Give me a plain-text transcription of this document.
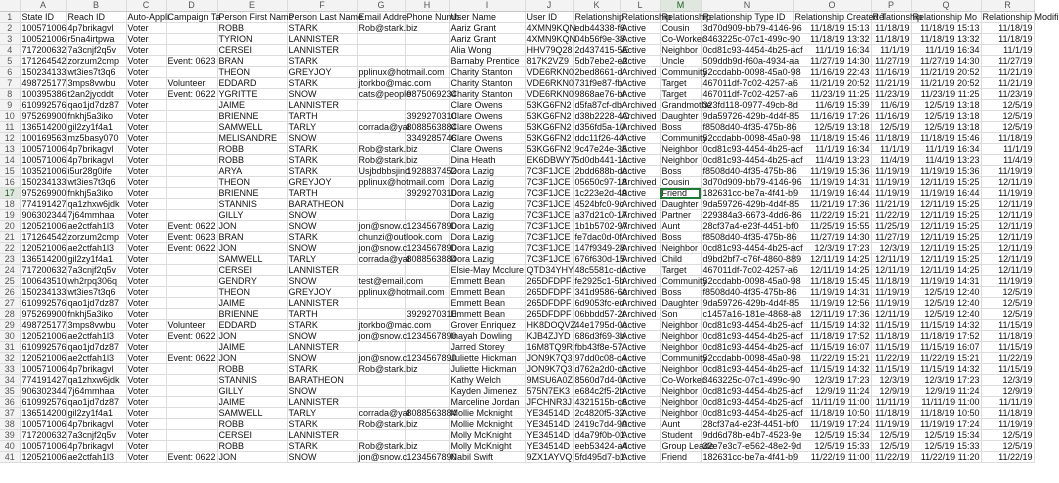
	A	B	C	D	E	F	G	H	I	J	K	L	M	N	O	P	Q	R
1	State ID	Reach ID	Auto-Appli	Campaign Ta	Person First Name	Person Last Name	Email Addre	Phone Numb	User Name	User ID	Relationship	Relationship	Relationship	Relationship Type ID	Relationship Created T	Relationship	Relationship Mo	Relationship Modifi
2	100571006	4p7brikagvl	Voter		ROBB	STARK	Rob@stark.biz		Aariz Grant	4XMN9KQN	edb44338-f6	Active	Cousin	3d70d909-bb79-4146-96	11/18/19 15:13	11/18/19	11/18/19 15:13	11/18/19
3	100521006	r5na4irtpwa	Voter		TYRION	LANNISTER			Aariz Grant	4XMN9KQN	04b56f9e-38	Active	Co-Worker	3463225c-07c1-499c-90	11/18/19 13:32	11/18/19	11/18/19 13:32	11/18/19
4	717200632	7a3cnjf2q5v	Voter		CERSEI	LANNISTER			Alia Wong	HHV79Q28	2d437415-5E	Active	Neighbor	0cd81c93-4454-4b25-acf	11/1/19 16:34	11/1/19	11/1/19 16:34	11/1/19
5	171264542	zorzum2cmp	Voter	Event: 0623	BRAN	STARK			Barnaby Prentice	817K2VZ9	5db7ebe2-e2	Active	Uncle	509ddb9d-f60a-4934-aa	11/27/19 14:30	11/27/19	11/27/19 14:30	11/27/19
6	150234133	wt3ies7t3q6	Voter		THEON	GREYJOY	pplinux@hotmail.com		Charity Stanton	VDE6RKN0	2bed8661-d	Archived	Community	52ccdabb-0098-45a0-98	11/16/19 22:43	11/16/19	11/21/19 20:52	11/21/19
7	498725177	3mps8vwbu	Voter	Volunteer	EDDARD	STARK	jtorkbo@mac.com		Charity Stanton	VDE6RKN0	731f9e87-fb	Active	Target	467011df-7c02-4257-a6	11/21/19 20:52	11/21/19	11/21/19 20:52	11/21/19
8	100395386	t2an2jycddt	Voter	Event: 0622	YGRITTE	SNOW	cats@people	9875069234	Charity Stanton	VDE6RKN0	9868ae76-bf	Active	Target	467011df-7c02-4257-a6	11/23/19 11:25	11/23/19	11/23/19 11:25	11/23/19
9	610992576	qao1jd7dz87	Voter		JAIME	LANNISTER			Clare Owens	53KG6FN2	d5fa87cf-db	Archived	Grandmothe	323fd118-0977-49cb-8d	11/6/19 15:39	11/6/19	12/5/19 13:18	12/5/19
10	975269900	fnkhj5a3iko	Voter		BRIENNE	TARTH		3929270310	Clare Owens	53KG6FN2	d38b2228-4C	Archived	Daughter	9da59726-429b-4d4f-85	11/16/19 17:26	11/16/19	12/5/19 13:18	12/5/19
11	136514200	gil2zy1f4a1	Voter		SAMWELL	TARLY	corrada@yal	8088563884	Clare Owens	53KG6FN2	d356fd5a-10	Archived	Boss	f8508d40-4f35-475b-86	12/5/19 13:18	12/5/19	12/5/19 13:18	12/5/19
12	100169563	mz5basy070	Voter		MELISANDRE	SNOW		3349285746	Clare Owens	53KG6FN2	ddc11f26-44	Active	Community	52ccdabb-0098-45a0-98	11/18/19 15:46	11/18/19	11/18/19 15:46	11/18/19
13	100571006	4p7brikagvl	Voter		ROBB	STARK	Rob@stark.biz		Clare Owens	53KG6FN2	9c47e24e-35	Active	Neighbor	0cd81c93-4454-4b25-acf	11/1/19 16:34	11/1/19	11/1/19 16:34	11/1/19
14	100571006	4p7brikagvl	Voter		ROBB	STARK	Rob@stark.biz		Dina Heath	EK6DBWY7	5d0db441-1c	Active	Neighbor	0cd81c93-4454-4b25-acf	11/4/19 13:23	11/4/19	11/4/19 13:23	11/4/19
15	103521006	i5ur28g0ife	Voter		ARYA	STARK	Usjbdbbsjind	1928837452	Dora Lazig	7C3F1JCE	2bdd688b-dc	Active	Boss	f8508d40-4f35-475b-86	11/19/19 15:36	11/19/19	11/19/19 15:36	11/19/19
16	150234133	wt3ies7t3q6	Voter		THEON	GREYJOY	pplinux@hotmail.com		Dora Lazig	7C3F1JCE	05650c97-18	Archived	Cousin	3d70d909-bb79-4146-96	11/19/19 14:31	11/19/19	12/11/19 15:25	12/11/19
17	975269900	fnkhj5a3iko	Voter		BRIENNE	TARTH		3929270310	Dora Lazig	7C3F1JCE	1c223e2d-49	Active	Friend	182631cc-be7a-4f41-b9	11/19/19 16:44	11/19/19	11/19/19 16:44	11/19/19
18	774191427	qa1zhxw6jdk	Voter		STANNIS	BARATHEON			Dora Lazig	7C3F1JCE	4524bfc0-9c	Archived	Daughter	9da59726-429b-4d4f-85	11/21/19 17:36	11/21/19	12/11/19 15:25	12/11/19
19	906302344	7j64mmhaa	Voter		GILLY	SNOW			Dora Lazig	7C3F1JCE	a37d21c0-17	Archived	Partner	229384a3-6673-4dd6-86	11/22/19 15:21	11/22/19	12/11/19 15:25	12/11/19
20	120521006	ae2ctfah1l3	Voter	Event: 0622	JON	SNOW	jon@snow.c	1234567890	Dora Lazig	7C3F1JCE	1b1b5702-97	Archived	Aunt	28cf37a4-e23f-4451-bf0	11/25/19 15:55	11/25/19	12/11/19 15:25	12/11/19
21	171264542	zorzum2cmp	Voter	Event: 0623	BRAN	STARK	chunzi@outlook.com		Dora Lazig	7C3F1JCE	fe7dac0d-0f	Archived	Boss	f8508d40-4f35-475b-86	11/27/19 14:30	11/27/19	12/11/19 15:25	12/11/19
22	120521006	ae2ctfah1l3	Voter	Event: 0622	JON	SNOW	jon@snow.c	1234567890	Dora Lazig	7C3F1JCE	147f9349-28	Archived	Neighbor	0cd81c93-4454-4b25-acf	12/3/19 17:23	12/3/19	12/11/19 15:25	12/11/19
23	136514200	gil2zy1f4a1	Voter		SAMWELL	TARLY	corrada@yal	8088563884	Dora Lazig	7C3F1JCE	676f630d-15	Archived	Child	d9bd2bf7-c76f-4860-889	12/11/19 14:25	12/11/19	12/11/19 15:25	12/11/19
24	717200632	7a3cnjf2q5v	Voter		CERSEI	LANNISTER			Elsie-May Mcclure	QTD34YHY	48c5581c-dc	Active	Target	467011df-7c02-4257-a6	12/11/19 14:25	12/11/19	12/11/19 14:25	12/11/19
25	100643510	wh2rpq306q	Voter		GENDRY	SNOW	test@email.com		Emmett Bean	265DFDPF	fe2925c1-5b	Archived	Community	52ccdabb-0098-45a0-98	11/18/19 15:45	11/18/19	11/19/19 14:31	11/19/19
26	150234133	wt3ies7t3q6	Voter		THEON	GREYJOY	pplinux@hotmail.com		Emmett Bean	265DFDPF	341d9586-6c	Archived	Boss	f8508d40-4f35-475b-86	11/19/19 14:31	11/19/19	12/5/19 12:40	12/5/19
27	610992576	qao1jd7dz87	Voter		JAIME	LANNISTER			Emmett Bean	265DFDPF	6d9053fc-ed	Archived	Daughter	9da59726-429b-4d4f-85	11/19/19 12:56	11/19/19	12/5/19 12:40	12/5/19
28	975269900	fnkhj5a3iko	Voter		BRIENNE	TARTH		3929270310	Emmett Bean	265DFDPF	06bbdd57-2t	Archived	Son	c1457a16-181e-4868-a8	12/11/19 17:36	12/11/19	12/5/19 12:40	12/5/19
29	498725177	3mps8vwbu	Voter	Volunteer	EDDARD	STARK	jtorkbo@mac.com		Grover Enriquez	HK8DOQVZ	44e1795d-0c	Active	Neighbor	0cd81c93-4454-4b25-acf	11/15/19 14:32	11/15/19	11/15/19 14:32	11/15/19
30	120521006	ae2ctfah1l3	Voter	Event: 0622	JON	SNOW	jon@snow.c	1234567890	Inayah Dowling	KJB4ZJYD	686d3f69-3b	Active	Neighbor	0cd81c93-4454-4b25-acf	11/18/19 17:52	11/18/19	11/18/19 17:52	11/18/19
31	610992576	qao1jd7dz87	Voter		JAIME	LANNISTER			Jarred Storey	16M8TQ9R	fbb43f8e-57	Active	Neighbor	0cd81c93-4454-4b25-acf	11/15/19 16:07	11/15/19	11/15/19 16:07	11/15/19
32	120521006	ae2ctfah1l3	Voter	Event: 0622	JON	SNOW	jon@snow.c	1234567890	Juliette Hickman	JON9K7Q3	97dd0c08-c4	Active	Community	52ccdabb-0098-45a0-98	11/22/19 15:21	11/22/19	11/22/19 15:21	11/22/19
33	100571006	4p7brikagvl	Voter		ROBB	STARK	Rob@stark.biz		Juliette Hickman	JON9K7Q3	d762a2d0-cb	Active	Neighbor	0cd81c93-4454-4b25-acf	11/15/19 14:32	11/15/19	11/15/19 14:32	11/15/19
34	774191427	qa1zhxw6jdk	Voter		STANNIS	BARATHEON			Kathy Welch	9MSU6A0Z	8560d7d4-0f	Active	Co-Worker	3463225c-07c1-499c-90	12/3/19 17:23	12/3/19	12/3/19 17:23	12/3/19
35	906302344	7j64mmhaa	Voter		GILLY	SNOW			Kayden Jimenez	575N7EK3	e684c2f5-2b	Active	Neighbor	0cd81c93-4454-4b25-acf	12/9/19 11:24	12/9/19	12/9/19 11:24	12/9/19
36	610992576	qao1jd7dz87	Voter		JAIME	LANNISTER			Marceline Jordan	JFCHNR3J	4321515b-c6	Active	Neighbor	0cd81c93-4454-4b25-acf	11/11/19 11:00	11/11/19	11/11/19 11:00	11/11/19
37	136514200	gil2zy1f4a1	Voter		SAMWELL	TARLY	corrada@yal	8088563884	Mollie Mcknight	YE34514D	2c4820f5-32	Active	Neighbor	0cd81c93-4454-4b25-acf	11/18/19 10:50	11/18/19	11/18/19 10:50	11/18/19
38	100571006	4p7brikagvl	Voter		ROBB	STARK	Rob@stark.biz		Mollie Mcknight	YE34514D	2419c7d4-90	Active	Aunt	28cf37a4-e23f-4451-bf0	11/19/19 17:24	11/19/19	11/19/19 17:24	11/19/19
39	717200632	7a3cnjf2q5v	Voter		CERSEI	LANNISTER			Molly McKnight	YE34514D	d4a79f0b-01	Active	Student	9dd6d78b-e4b7-4523-9e	12/5/19 15:34	12/5/19	12/5/19 15:34	12/5/19
40	100571006	4p7brikagvl	Voter		ROBB	STARK	Rob@stark.biz		Molly McKnight	YE34514D	eeb53424-a4	Active	Group Leade	32e7e3c7-e562-48e2-9d	12/5/19 15:33	12/5/19	12/5/19 15:33	12/5/19
41	120521006	ae2ctfah1l3	Voter	Event: 0622	JON	SNOW	jon@snow.c	1234567890	Nabil Swift	9ZX1AYVQ	5fd495d7-b1	Active	Friend	182631cc-be7a-4f41-b9	11/22/19 11:00	11/22/19	11/22/19 11:20	11/22/19
